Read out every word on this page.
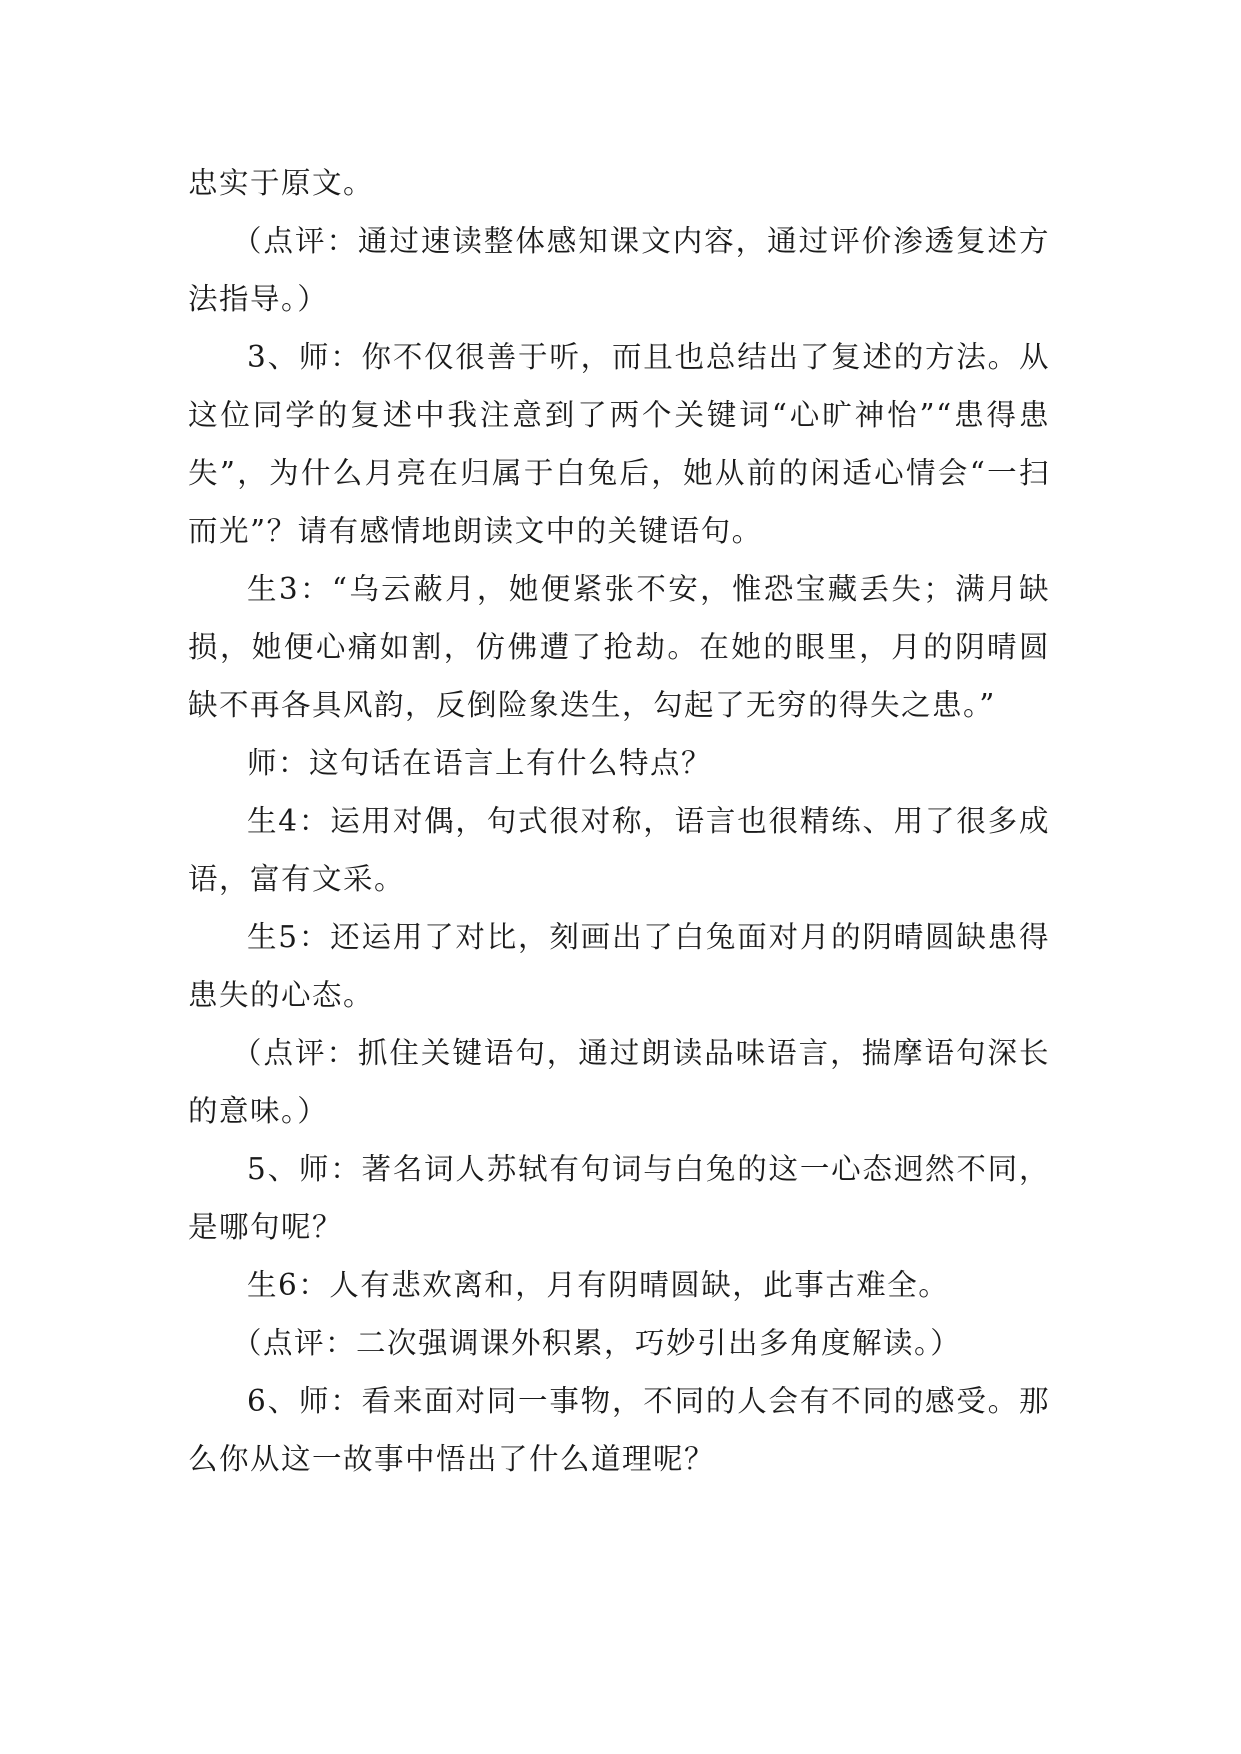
忠实于原文。

（点评：通过速读整体感知课文内容，通过评价渗透复述方法指导。）

3、师：你不仅很善于听，而且也总结出了复述的方法。从这位同学的复述中我注意到了两个关键词“心旷神怡”“患得患失”，为什么月亮在归属于白兔后，她从前的闲适心情会“一扫而光”？请有感情地朗读文中的关键语句。

生3：“乌云蔽月，她便紧张不安，惟恐宝藏丢失；满月缺损，她便心痛如割，仿佛遭了抢劫。在她的眼里，月的阴晴圆缺不再各具风韵，反倒险象迭生，勾起了无穷的得失之患。”

师：这句话在语言上有什么特点？

生4：运用对偶，句式很对称，语言也很精练、用了很多成语，富有文采。

生5：还运用了对比，刻画出了白兔面对月的阴晴圆缺患得患失的心态。

（点评：抓住关键语句，通过朗读品味语言，揣摩语句深长的意味。）

5、师：著名词人苏轼有句词与白兔的这一心态迥然不同，是哪句呢？

生6：人有悲欢离和，月有阴晴圆缺，此事古难全。

（点评：二次强调课外积累，巧妙引出多角度解读。）

6、师：看来面对同一事物，不同的人会有不同的感受。那么你从这一故事中悟出了什么道理呢？
